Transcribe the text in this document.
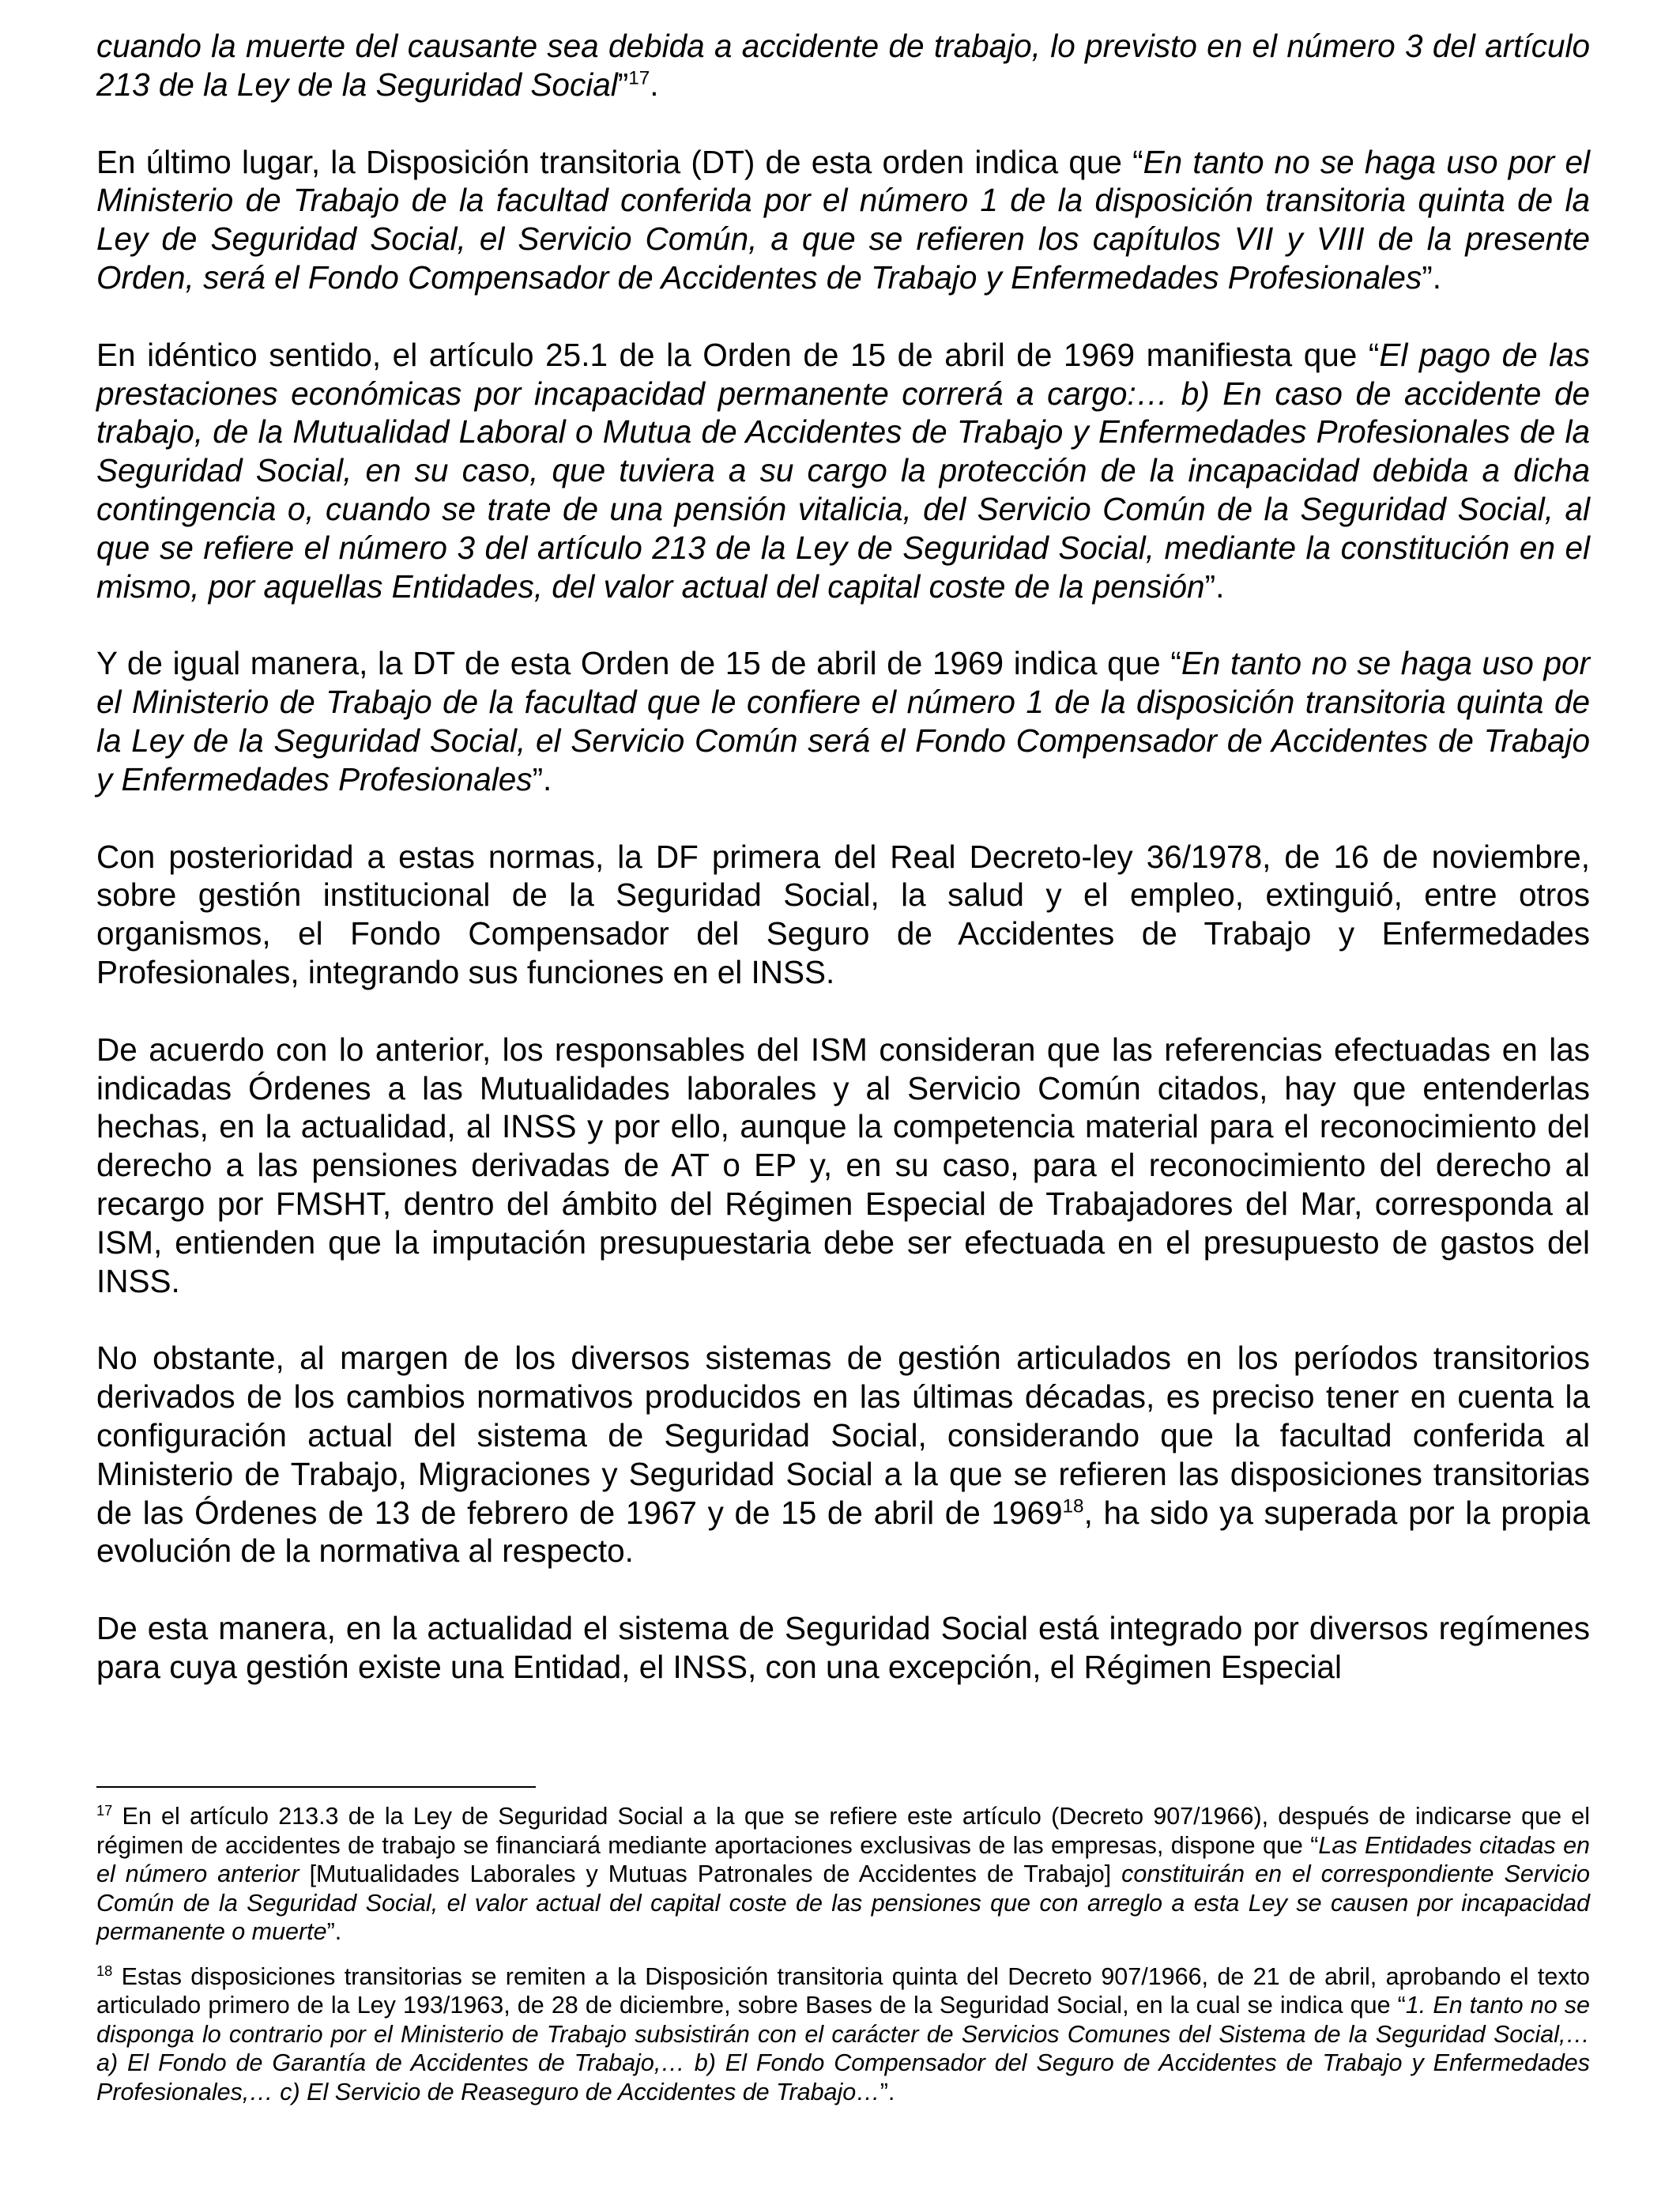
cuando la muerte del causante sea debida a accidente de trabajo, lo previsto en el número 3 del artículo 213 de la Ley de la Seguridad Social”$^{17}$.

En último lugar, la Disposición transitoria (DT) de esta orden indica que “En tanto no se haga uso por el Ministerio de Trabajo de la facultad conferida por el número 1 de la disposición transitoria quinta de la Ley de Seguridad Social, el Servicio Común, a que se refieren los capítulos VII y VIII de la presente Orden, será el Fondo Compensador de Accidentes de Trabajo y Enfermedades Profesionales”.

En idéntico sentido, el artículo 25.1 de la Orden de 15 de abril de 1969 manifiesta que “El pago de las prestaciones económicas por incapacidad permanente correrá a cargo:… b) En caso de accidente de trabajo, de la Mutualidad Laboral o Mutua de Accidentes de Trabajo y Enfermedades Profesionales de la Seguridad Social, en su caso, que tuviera a su cargo la protección de la incapacidad debida a dicha contingencia o, cuando se trate de una pensión vitalicia, del Servicio Común de la Seguridad Social, al que se refiere el número 3 del artículo 213 de la Ley de Seguridad Social, mediante la constitución en el mismo, por aquellas Entidades, del valor actual del capital coste de la pensión”.

Y de igual manera, la DT de esta Orden de 15 de abril de 1969 indica que “En tanto no se haga uso por el Ministerio de Trabajo de la facultad que le confiere el número 1 de la disposición transitoria quinta de la Ley de la Seguridad Social, el Servicio Común será el Fondo Compensador de Accidentes de Trabajo y Enfermedades Profesionales”.

Con posterioridad a estas normas, la DF primera del Real Decreto-ley 36/1978, de 16 de noviembre, sobre gestión institucional de la Seguridad Social, la salud y el empleo, extinguió, entre otros organismos, el Fondo Compensador del Seguro de Accidentes de Trabajo y Enfermedades Profesionales, integrando sus funciones en el INSS.

De acuerdo con lo anterior, los responsables del ISM consideran que las referencias efectuadas en las indicadas Órdenes a las Mutualidades laborales y al Servicio Común citados, hay que entenderlas hechas, en la actualidad, al INSS y por ello, aunque la competencia material para el reconocimiento del derecho a las pensiones derivadas de AT o EP y, en su caso, para el reconocimiento del derecho al recargo por FMSHT, dentro del ámbito del Régimen Especial de Trabajadores del Mar, corresponda al ISM, entienden que la imputación presupuestaria debe ser efectuada en el presupuesto de gastos del INSS.

No obstante, al margen de los diversos sistemas de gestión articulados en los períodos transitorios derivados de los cambios normativos producidos en las últimas décadas, es preciso tener en cuenta la configuración actual del sistema de Seguridad Social, considerando que la facultad conferida al Ministerio de Trabajo, Migraciones y Seguridad Social a la que se refieren las disposiciones transitorias de las Órdenes de 13 de febrero de 1967 y de 15 de abril de 1969$^{18}$, ha sido ya superada por la propia evolución de la normativa al respecto.

De esta manera, en la actualidad el sistema de Seguridad Social está integrado por diversos regímenes para cuya gestión existe una Entidad, el INSS, con una excepción, el Régimen Especial

$^{17}$ En el artículo 213.3 de la Ley de Seguridad Social a la que se refiere este artículo (Decreto 907/1966), después de indicarse que el régimen de accidentes de trabajo se financiará mediante aportaciones exclusivas de las empresas, dispone que “Las Entidades citadas en el número anterior [Mutualidades Laborales y Mutuas Patronales de Accidentes de Trabajo] constituirán en el correspondiente Servicio Común de la Seguridad Social, el valor actual del capital coste de las pensiones que con arreglo a esta Ley se causen por incapacidad permanente o muerte”.

$^{18}$ Estas disposiciones transitorias se remiten a la Disposición transitoria quinta del Decreto 907/1966, de 21 de abril, aprobando el texto articulado primero de la Ley 193/1963, de 28 de diciembre, sobre Bases de la Seguridad Social, en la cual se indica que “1. En tanto no se disponga lo contrario por el Ministerio de Trabajo subsistirán con el carácter de Servicios Comunes del Sistema de la Seguridad Social,… a) El Fondo de Garantía de Accidentes de Trabajo,… b) El Fondo Compensador del Seguro de Accidentes de Trabajo y Enfermedades Profesionales,… c) El Servicio de Reaseguro de Accidentes de Trabajo…”.
